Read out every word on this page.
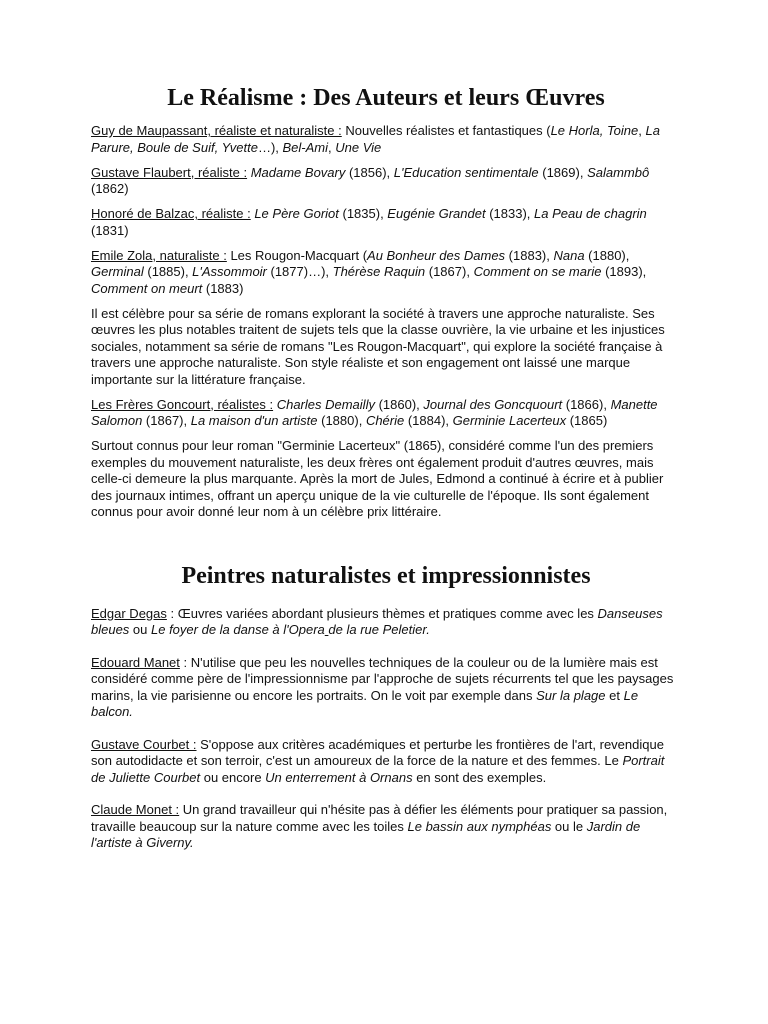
Le Réalisme : Des Auteurs et leurs Œuvres

Guy de Maupassant, réaliste et naturaliste : Nouvelles réalistes et fantastiques (Le Horla, Toine, La Parure, Boule de Suif, Yvette…), Bel-Ami, Une Vie

Gustave Flaubert, réaliste : Madame Bovary (1856), L'Education sentimentale (1869), Salammbô (1862)

Honoré de Balzac, réaliste : Le Père Goriot (1835), Eugénie Grandet (1833), La Peau de chagrin (1831)

Emile Zola, naturaliste : Les Rougon-Macquart (Au Bonheur des Dames (1883), Nana (1880), Germinal (1885), L'Assommoir (1877)…), Thérèse Raquin (1867), Comment on se marie (1893), Comment on meurt (1883)

Il est célèbre pour sa série de romans explorant la société à travers une approche naturaliste. Ses œuvres les plus notables traitent de sujets tels que la classe ouvrière, la vie urbaine et les injustices sociales, notamment sa série de romans "Les Rougon-Macquart", qui explore la société française à travers une approche naturaliste. Son style réaliste et son engagement ont laissé une marque importante sur la littérature française.

Les Frères Goncourt, réalistes : Charles Demailly (1860), Journal des Goncquourt (1866), Manette Salomon (1867), La maison d'un artiste (1880), Chérie (1884), Germinie Lacerteux (1865)

Surtout connus pour leur roman "Germinie Lacerteux" (1865), considéré comme l'un des premiers exemples du mouvement naturaliste, les deux frères ont également produit d'autres œuvres, mais celle-ci demeure la plus marquante. Après la mort de Jules, Edmond a continué à écrire et à publier des journaux intimes, offrant un aperçu unique de la vie culturelle de l'époque. Ils sont également connus pour avoir donné leur nom à un célèbre prix littéraire.

Peintres naturalistes et impressionnistes

Edgar Degas : Œuvres variées abordant plusieurs thèmes et pratiques comme avec les Danseuses bleues ou Le foyer de la danse à l'Opera de la rue Peletier.

Edouard Manet : N'utilise que peu les nouvelles techniques de la couleur ou de la lumière mais est considéré comme père de l'impressionnisme par l'approche de sujets récurrents tel que les paysages marins, la vie parisienne ou encore les portraits. On le voit par exemple dans Sur la plage et Le balcon.

Gustave Courbet : S'oppose aux critères académiques et perturbe les frontières de l'art, revendique son autodidacte et son terroir, c'est un amoureux de la force de la nature et des femmes. Le Portrait de Juliette Courbet ou encore Un enterrement à Ornans en sont des exemples.

Claude Monet : Un grand travailleur qui n'hésite pas à défier les éléments pour pratiquer sa passion, travaille beaucoup sur la nature comme avec les toiles Le bassin aux nymphéas ou le Jardin de l'artiste à Giverny.
